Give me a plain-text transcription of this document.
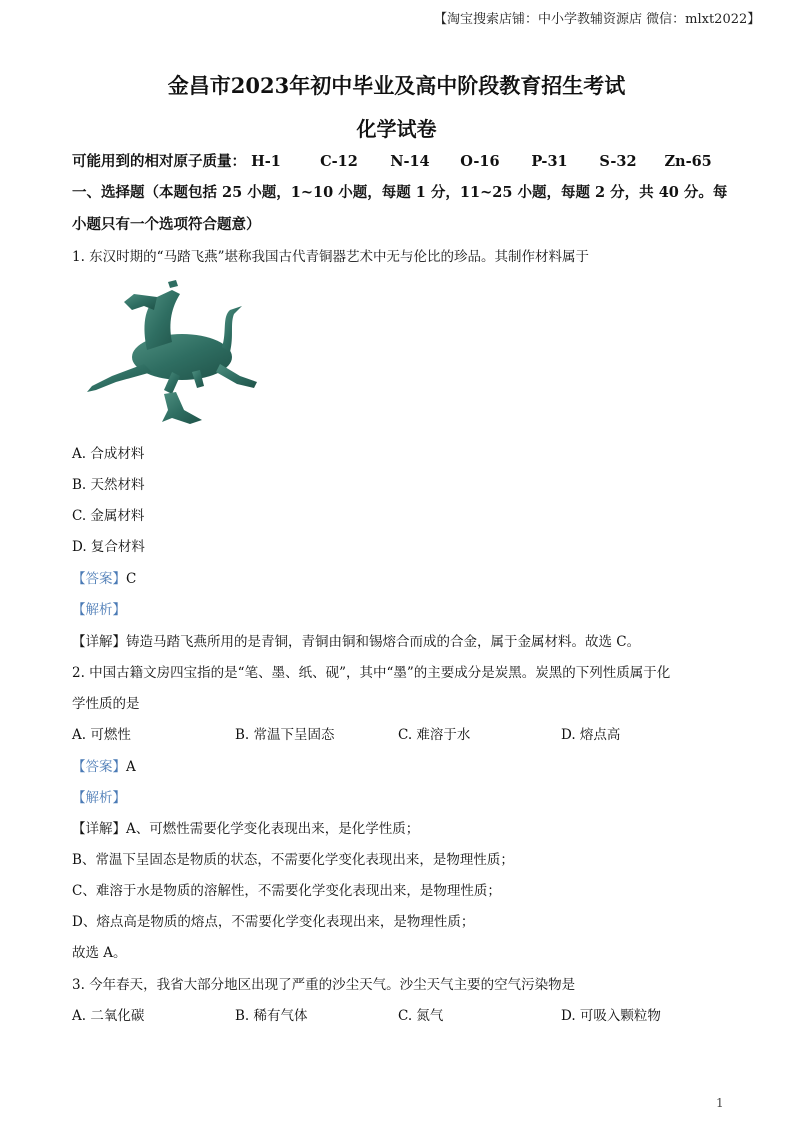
【淘宝搜索店铺：中小学教辅资源店 微信：mlxt2022】
金昌市2023年初中毕业及高中阶段教育招生考试
化学试卷
可能用到的相对原子质量： H-1	C-12 N-14 O-16 P-31 S-32 Zn-65
一、选择题（本题包括 25 小题，1~10 小题，每题 1 分，11~25 小题，每题 2 分，共 40 分。每
小题只有一个选项符合题意）
1. 东汉时期的“马踏飞燕”堪称我国古代青铜器艺术中无与伦比的珍品。其制作材料属于
A. 合成材料
B. 天然材料
C. 金属材料
D. 复合材料
【答案】C
【解析】
【详解】铸造马踏飞燕所用的是青铜，青铜由铜和锡熔合而成的合金，属于金属材料。故选 C。
2. 中国古籍文房四宝指的是“笔、墨、纸、砚”，其中“墨”的主要成分是炭黑。炭黑的下列性质属于化
学性质的是
A. 可燃性	B. 常温下呈固态	C. 难溶于水	D. 熔点高
【答案】A
【解析】
【详解】A、可燃性需要化学变化表现出来，是化学性质；
B、常温下呈固态是物质的状态，不需要化学变化表现出来，是物理性质；
C、难溶于水是物质的溶解性，不需要化学变化表现出来，是物理性质；
D、熔点高是物质的熔点，不需要化学变化表现出来，是物理性质；
故选 A。
3. 今年春天，我省大部分地区出现了严重的沙尘天气。沙尘天气主要的空气污染物是
A. 二氧化碳	B. 稀有气体	C. 氮气	D. 可吸入颗粒物
1
